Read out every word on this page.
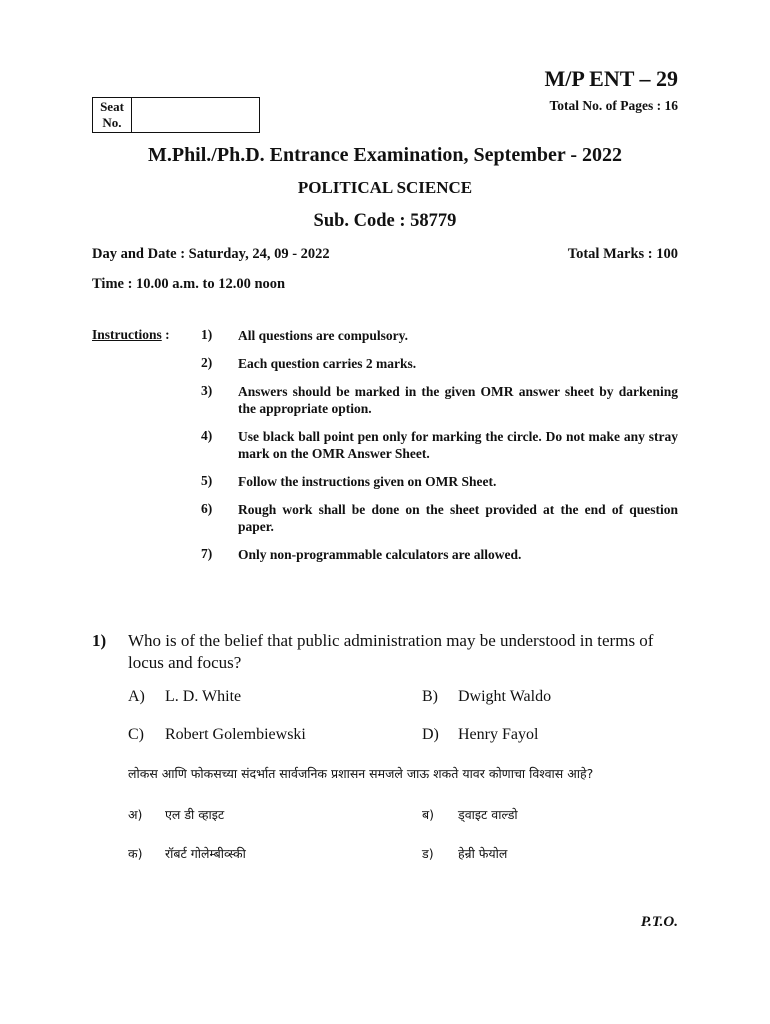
M/P ENT – 29
Total No. of Pages : 16
Seat
No.
M.Phil./Ph.D. Entrance Examination, September - 2022
POLITICAL SCIENCE
Sub. Code : 58779
Day and Date : Saturday, 24, 09 - 2022	Total Marks : 100
Time : 10.00 a.m. to 12.00 noon
Instructions : 1) All questions are compulsory.
2) Each question carries 2 marks.
3) Answers should be marked in the given OMR answer sheet by darkening the appropriate option.
4) Use black ball point pen only for marking the circle. Do not make any stray mark on the OMR Answer Sheet.
5) Follow the instructions given on OMR Sheet.
6) Rough work shall be done on the sheet provided at the end of question paper.
7) Only non-programmable calculators are allowed.
1) Who is of the belief that public administration may be understood in terms of locus and focus?
A) L. D. White	B) Dwight Waldo
C) Robert Golembiewski	D) Henry Fayol
लोकस आणि फोकसच्या संदर्भात सार्वजनिक प्रशासन समजले जाऊ शकते यावर कोणाचा विश्वास आहे?
अ) एल डी व्हाइट	ब) ड्वाइट वाल्डो
क) रॉबर्ट गोलेम्बीव्स्की	ड) हेन्री फेयोल
P.T.O.
